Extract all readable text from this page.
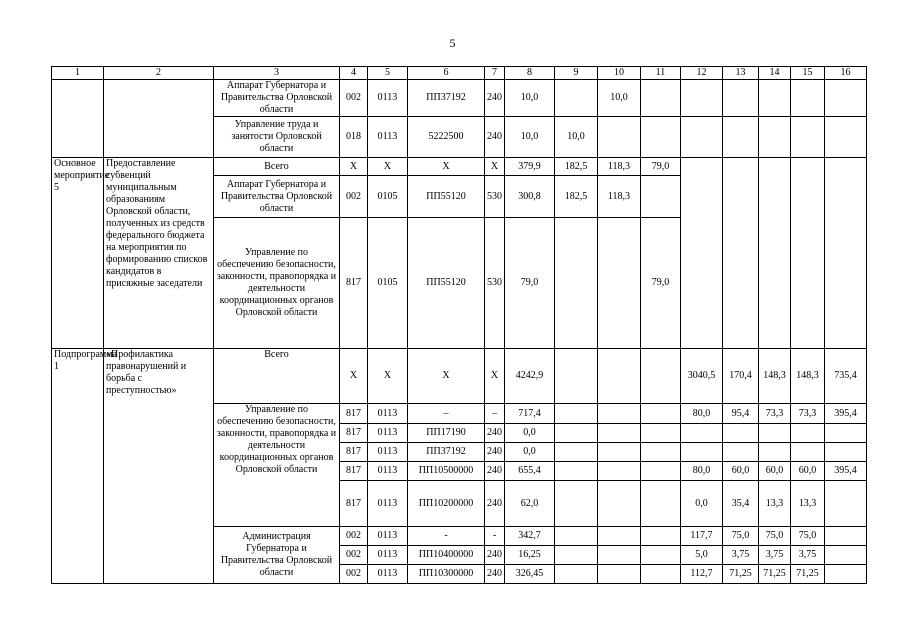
5
1	2	3	4	5	6	7	8	9	10	11	12	13	14	15	16
		Аппарат Губернатора и Правительства Орловской области	002	0113	ПП37192	240	10,0		10,0						
		Управление труда и занятости Орловской области	018	0113	5222500	240	10,0	10,0							
Основное мероприятие 5	Предоставление субвенций муниципальным образованиям Орловской области, полученных из средств федерального бюджета на мероприятия по формированию списков кандидатов в присяжные заседатели	Всего	X	X	X	X	379,9	182,5	118,3	79,0					
		Аппарат Губернатора и Правительства Орловской области	002	0105	ПП55120	530	300,8	182,5	118,3						
		Управление по обеспечению безопасности, законности, правопорядка и деятельности координационных органов Орловской области	817	0105	ПП55120	530	79,0			79,0					
Подпрограмма 1	«Профилактика правонарушений и борьба с преступностью»	Всего	X	X	X	X	4242,9				3040,5	170,4	148,3	148,3	735,4
		Управление по обеспечению безопасности, законности, правопорядка и деятельности координационных органов Орловской области	817	0113	–	–	717,4				80,0	95,4	73,3	73,3	395,4
			817	0113	ПП17190	240	0,0								
			817	0113	ПП37192	240	0,0								
			817	0113	ПП10500000	240	655,4				80,0	60,0	60,0	60,0	395,4
			817	0113	ПП10200000	240	62,0				0,0	35,4	13,3	13,3	
		Администрация Губернатора и Правительства Орловской области	002	0113	-	-	342,7				117,7	75,0	75,0	75,0	
			002	0113	ПП10400000	240	16,25				5,0	3,75	3,75	3,75	
			002	0113	ПП10300000	240	326,45				112,7	71,25	71,25	71,25	
